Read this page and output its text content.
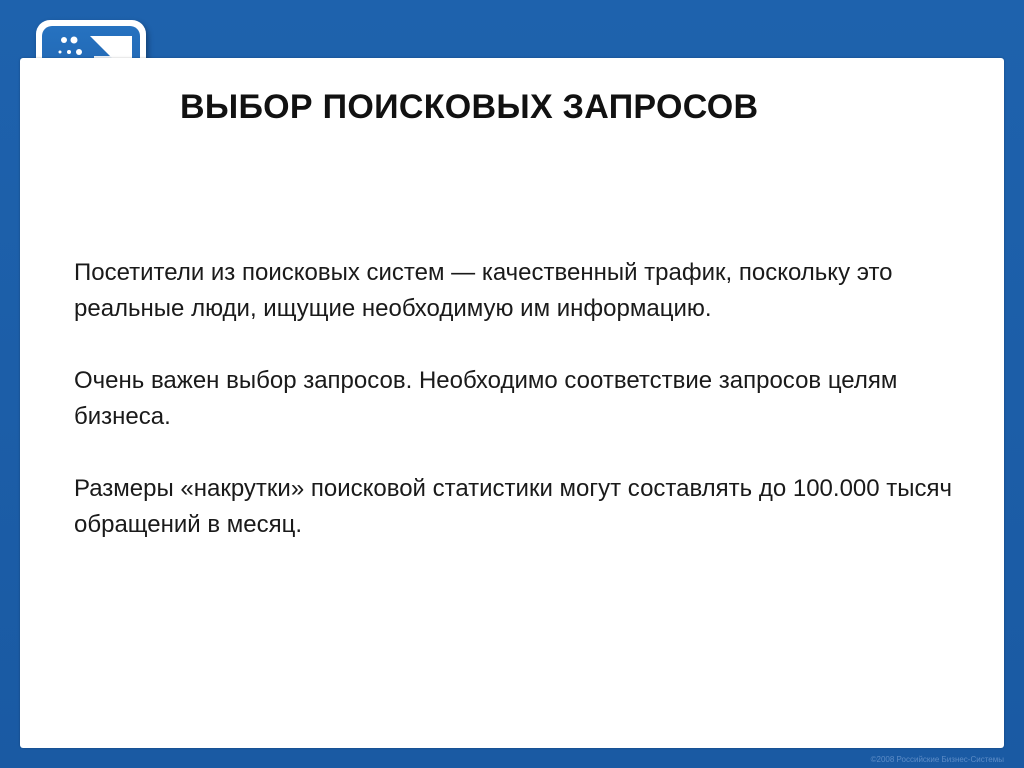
ВЫБОР ПОИСКОВЫХ ЗАПРОСОВ

Посетители из поисковых систем — качественный трафик, поскольку это реальные люди, ищущие необходимую им информацию.

Очень важен выбор запросов. Необходимо соответствие запросов целям бизнеса.

Размеры «накрутки» поисковой статистики могут составлять до 100.000 тысяч обращений в месяц.

©2008 Российские Бизнес-Системы
